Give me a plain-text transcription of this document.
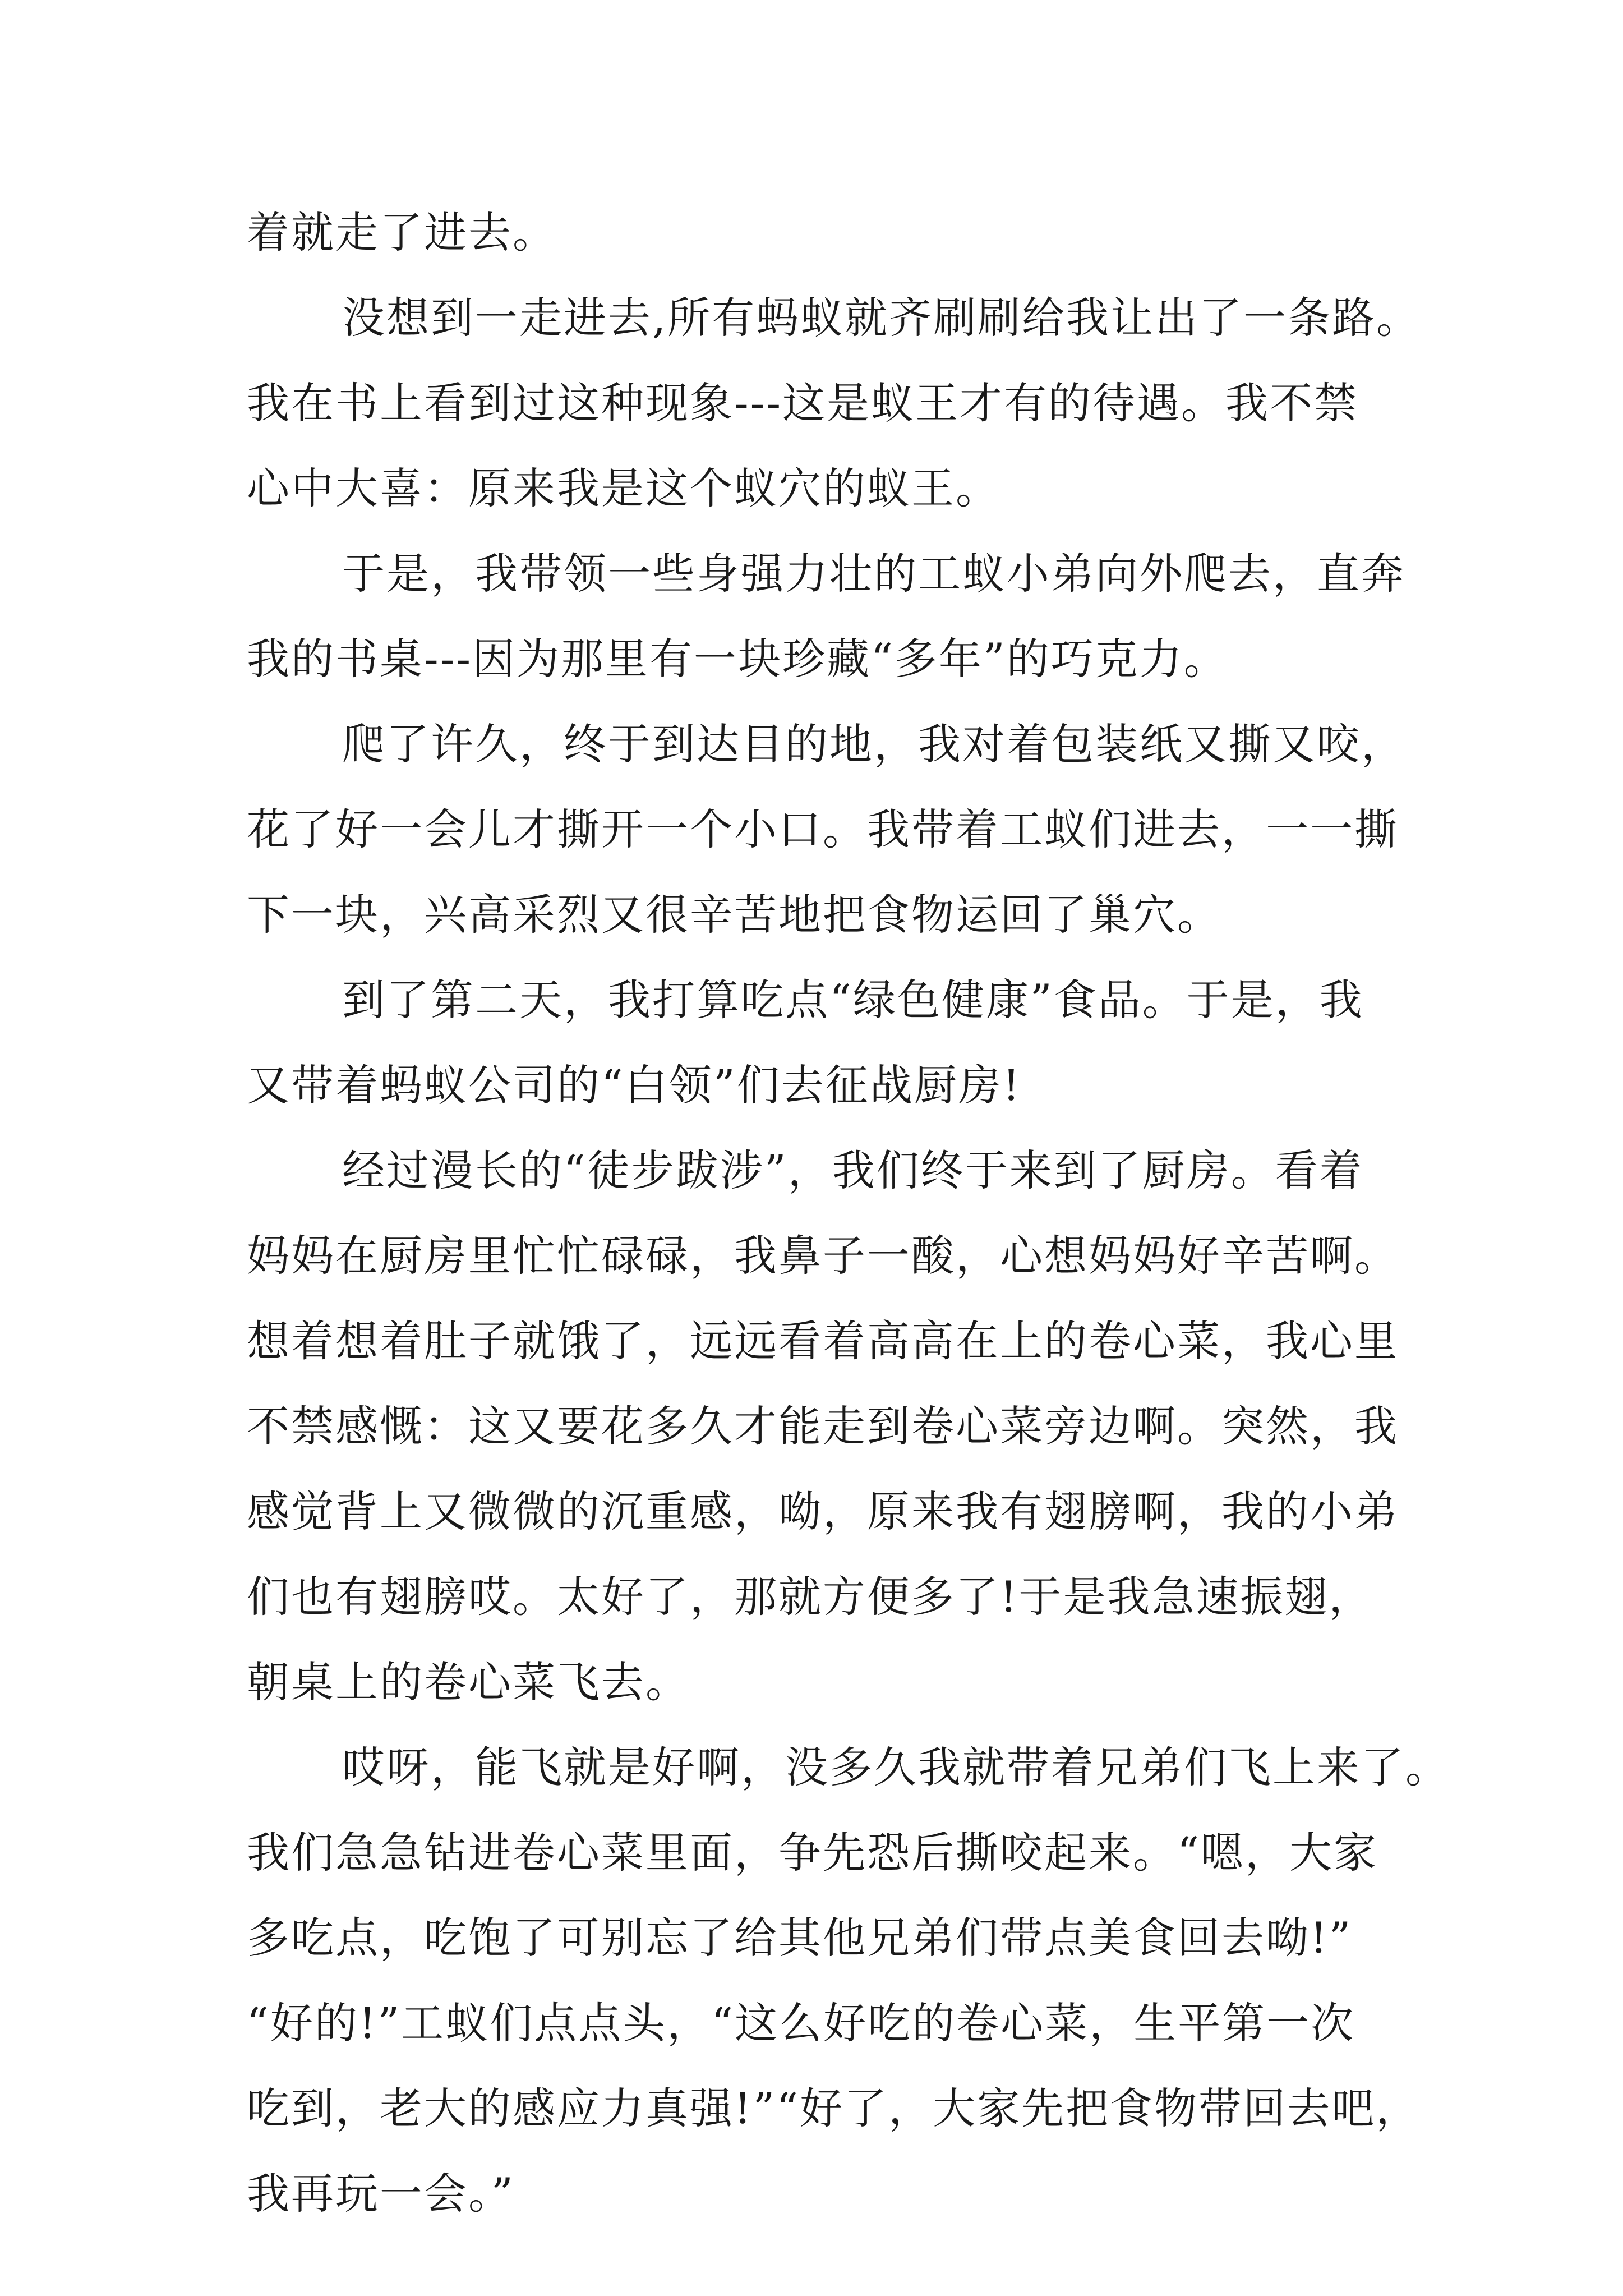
着就走了进去。
没想到一走进去,所有蚂蚁就齐刷刷给我让出了一条路。
我在书上看到过这种现象---这是蚁王才有的待遇。我不禁
心中大喜：原来我是这个蚁穴的蚁王。
于是，我带领一些身强力壮的工蚁小弟向外爬去，直奔
我的书桌---因为那里有一块珍藏“多年”的巧克力。
爬了许久，终于到达目的地，我对着包装纸又撕又咬，
花了好一会儿才撕开一个小口。我带着工蚁们进去，一一撕
下一块，兴高采烈又很辛苦地把食物运回了巢穴。
到了第二天，我打算吃点“绿色健康”食品。于是，我
又带着蚂蚁公司的“白领”们去征战厨房!
经过漫长的“徒步跋涉”，我们终于来到了厨房。看着
妈妈在厨房里忙忙碌碌，我鼻子一酸，心想妈妈好辛苦啊。
想着想着肚子就饿了，远远看着高高在上的卷心菜，我心里
不禁感慨：这又要花多久才能走到卷心菜旁边啊。突然，我
感觉背上又微微的沉重感，呦，原来我有翅膀啊，我的小弟
们也有翅膀哎。太好了，那就方便多了!于是我急速振翅，
朝桌上的卷心菜飞去。
哎呀，能飞就是好啊，没多久我就带着兄弟们飞上来了。
我们急急钻进卷心菜里面，争先恐后撕咬起来。“嗯，大家
多吃点，吃饱了可别忘了给其他兄弟们带点美食回去呦!”
“好的!”工蚁们点点头，“这么好吃的卷心菜，生平第一次
吃到，老大的感应力真强!”“好了，大家先把食物带回去吧，
我再玩一会。”
